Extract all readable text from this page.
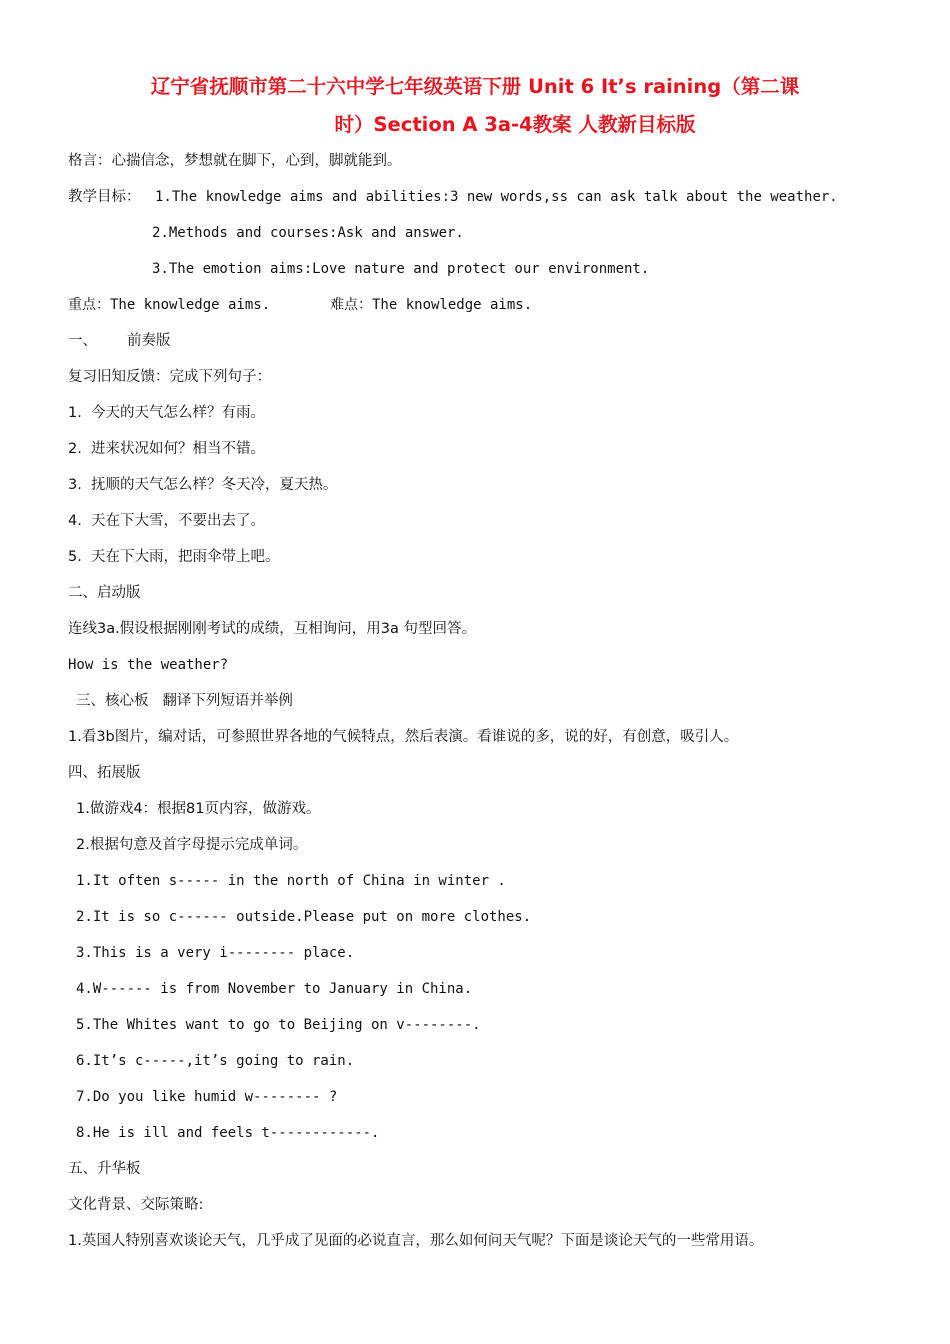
辽宁省抚顺市第二十六中学七年级英语下册 Unit 6 It’s raining（第二课
时）Section A 3a-4教案 人教新目标版
格言：心揣信念，梦想就在脚下，心到，脚就能到。
教学目标： 1.The knowledge aims and abilities:3 new words,ss can ask talk about the weather.
2.Methods and courses:Ask and answer.
3.The emotion aims:Love nature and protect our environment.
重点：The knowledge aims.	难点：The knowledge aims.
一、 前奏版
复习旧知反馈：完成下列句子：
1.  今天的天气怎么样？有雨。
2.  进来状况如何？相当不错。
3.  抚顺的天气怎么样？冬天冷，夏天热。
4.  天在下大雪，不要出去了。
5.  天在下大雨，把雨伞带上吧。
二、启动版
连线3a.假设根据刚刚考试的成绩，互相询问，用3a 句型回答。
How is the weather?
三、核心板   翻译下列短语并举例
1.看3b图片，编对话，可参照世界各地的气候特点，然后表演。看谁说的多，说的好，有创意，吸引人。
四、拓展版
1.做游戏4：根据81页内容，做游戏。
2.根据句意及首字母提示完成单词。
1.It often s----- in the north of China in winter .
2.It is so c------ outside.Please put on more clothes.
3.This is a very i-------- place.
4.W------ is from November to January in China.
5.The Whites want to go to Beijing on v--------.
6.It’s c-----,it’s going to rain.
7.Do you like humid w-------- ?
8.He is ill and feels t------------.
五、升华板
文化背景、交际策略:
1.英国人特别喜欢谈论天气，几乎成了见面的必说直言，那么如何问天气呢？下面是谈论天气的一些常用语。
